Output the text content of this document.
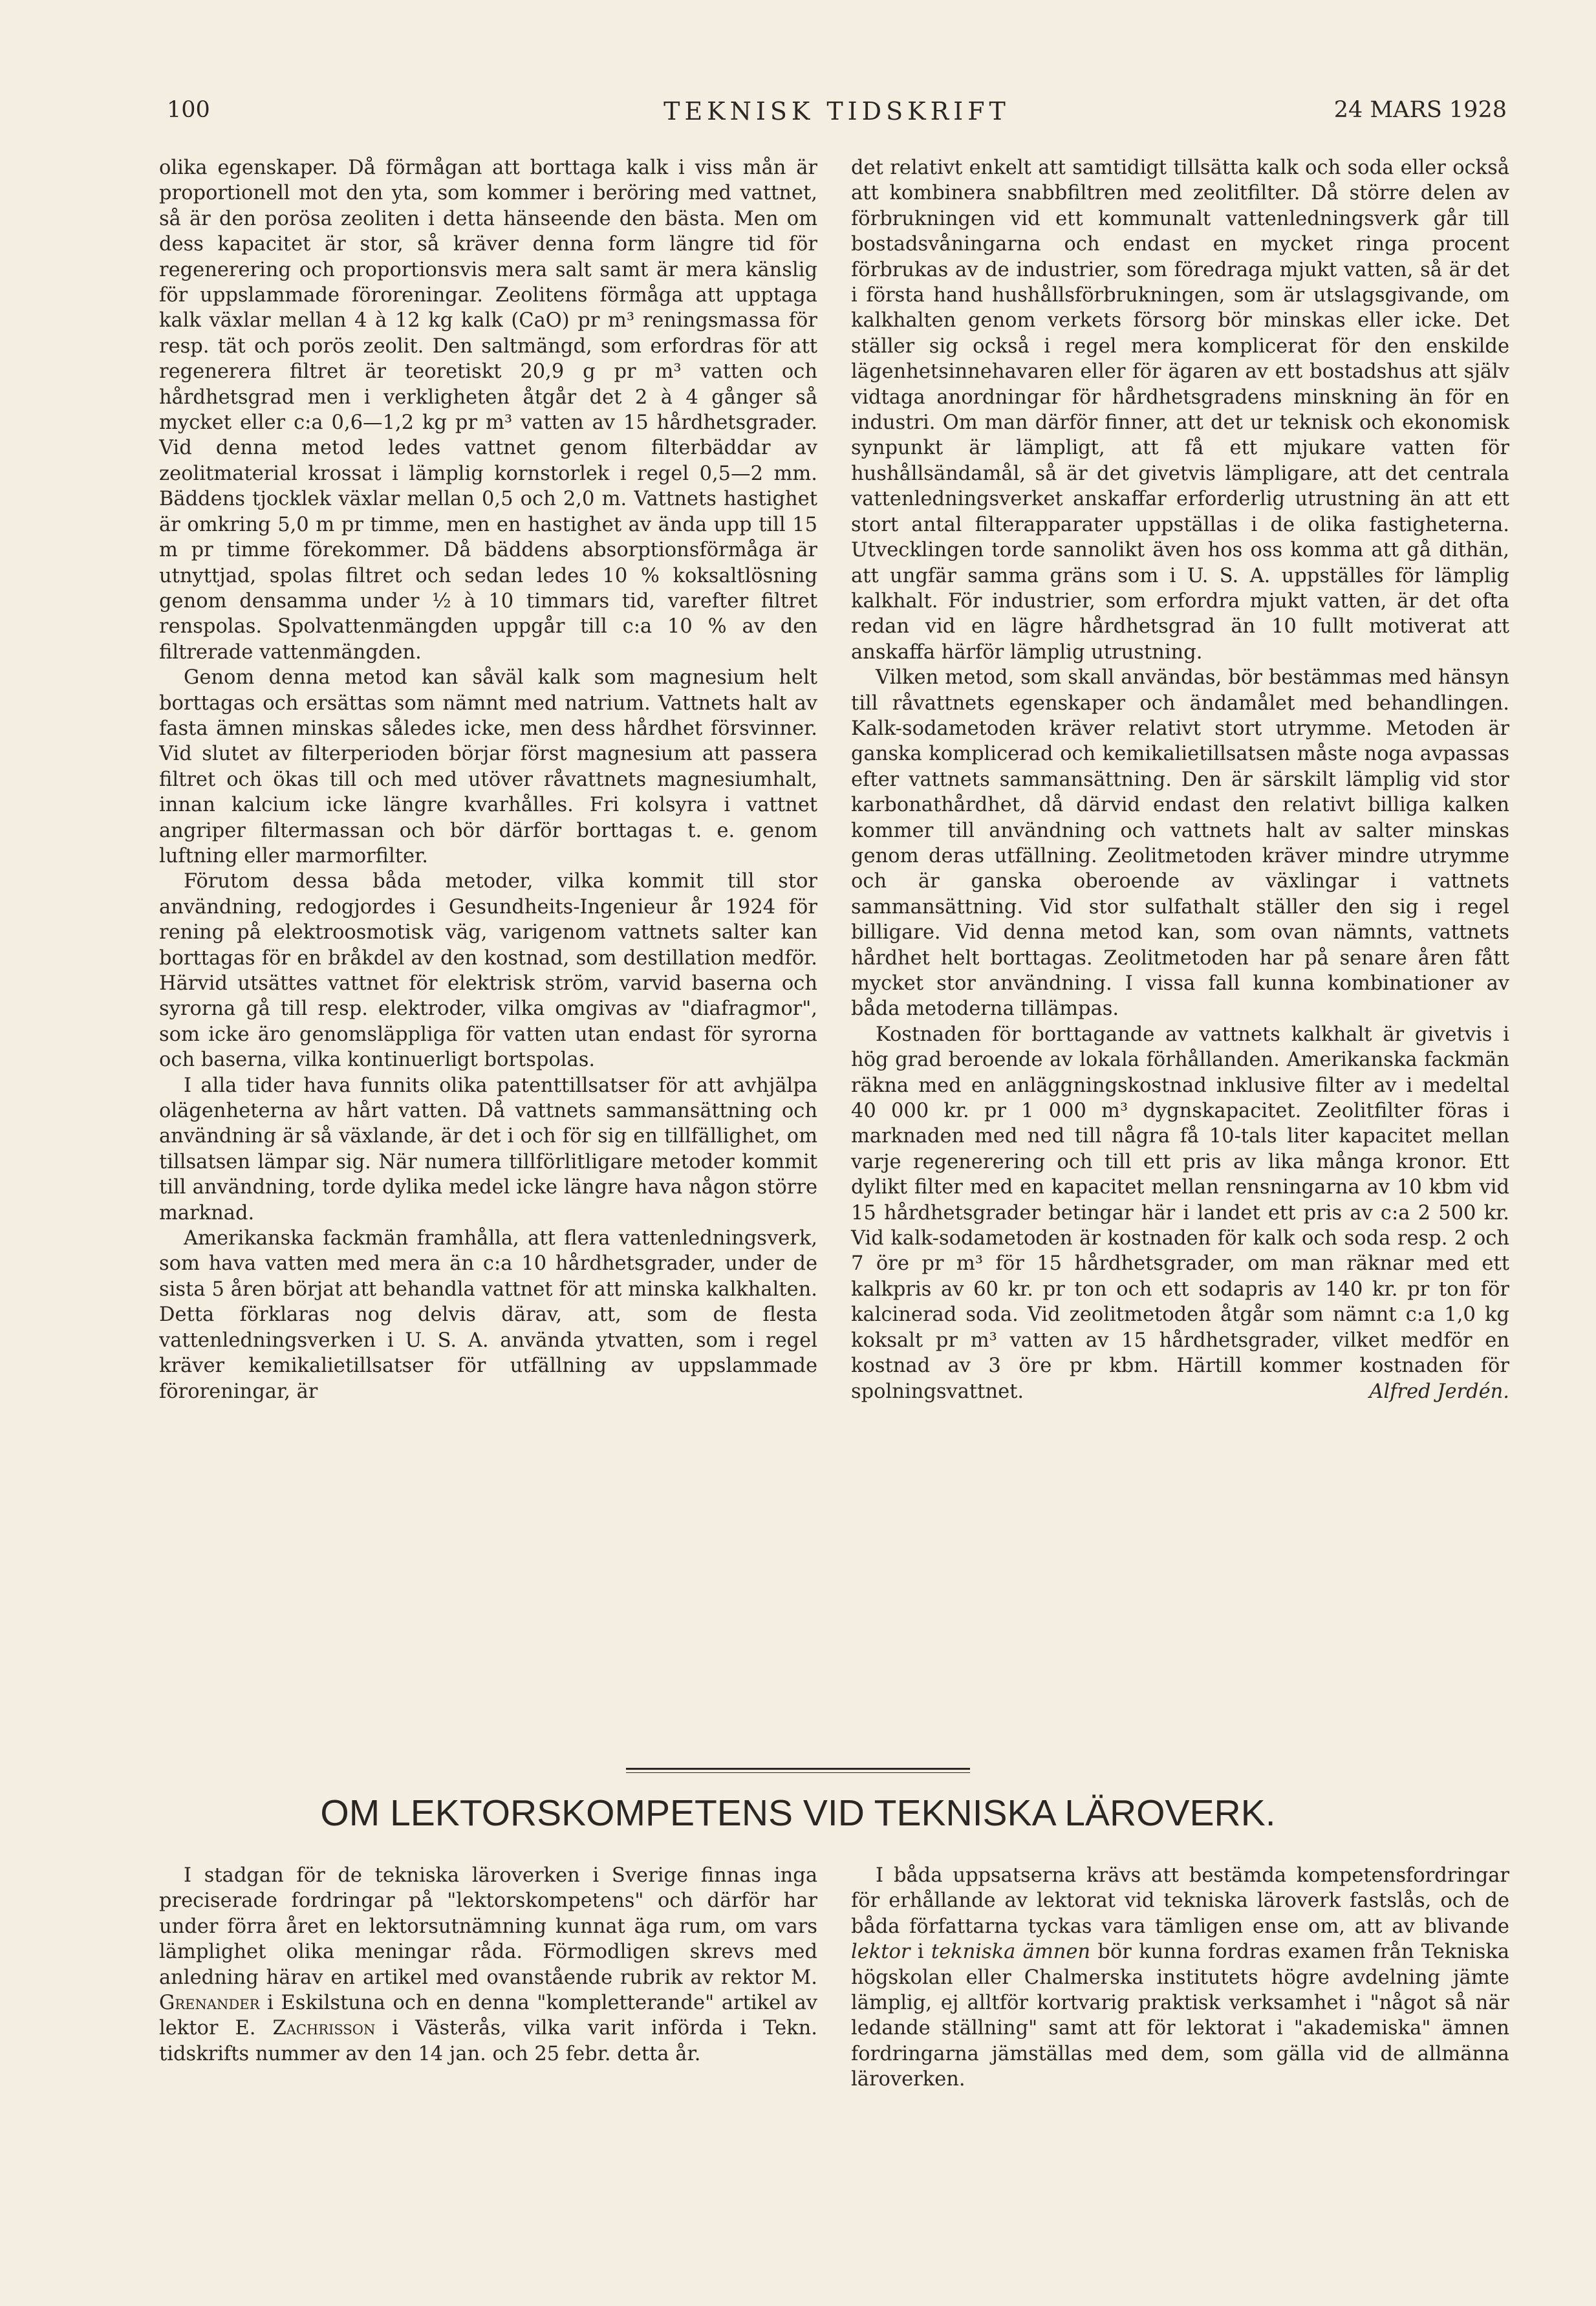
100	TEKNISK TIDSKRIFT	24 MARS 1928

olika egenskaper. Då förmågan att borttaga kalk i viss mån är proportionell mot den yta, som kommer i beröring med vattnet, så är den porösa zeoliten i detta hänseende den bästa. Men om dess kapacitet är stor, så kräver denna form längre tid för regenerering och proportionsvis mera salt samt är mera känslig för uppslammade föroreningar. Zeolitens förmåga att upptaga kalk växlar mellan 4 à 12 kg kalk (CaO) pr m³ reningsmassa för resp. tät och porös zeolit. Den saltmängd, som erfordras för att regenerera filtret är teoretiskt 20,9 g pr m³ vatten och hårdhetsgrad men i verkligheten åtgår det 2 à 4 gånger så mycket eller c:a 0,6—1,2 kg pr m³ vatten av 15 hårdhetsgrader. Vid denna metod ledes vattnet genom filterbäddar av zeolitmaterial krossat i lämplig kornstorlek i regel 0,5—2 mm. Bäddens tjocklek växlar mellan 0,5 och 2,0 m. Vattnets hastighet är omkring 5,0 m pr timme, men en hastighet av ända upp till 15 m pr timme förekommer. Då bäddens absorptionsförmåga är utnyttjad, spolas filtret och sedan ledes 10 % koksaltlösning genom densamma under ½ à 10 timmars tid, varefter filtret renspolas. Spolvattenmängden uppgår till c:a 10 % av den filtrerade vattenmängden.

Genom denna metod kan såväl kalk som magnesium helt borttagas och ersättas som nämnt med natrium. Vattnets halt av fasta ämnen minskas således icke, men dess hårdhet försvinner. Vid slutet av filterperioden börjar först magnesium att passera filtret och ökas till och med utöver råvattnets magnesiumhalt, innan kalcium icke längre kvarhålles. Fri kolsyra i vattnet angriper filtermassan och bör därför borttagas t. e. genom luftning eller marmorfilter.

Förutom dessa båda metoder, vilka kommit till stor användning, redogjordes i Gesundheits-Ingenieur år 1924 för rening på elektroosmotisk väg, varigenom vattnets salter kan borttagas för en bråkdel av den kostnad, som destillation medför. Härvid utsättes vattnet för elektrisk ström, varvid baserna och syrorna gå till resp. elektroder, vilka omgivas av "diafragmor", som icke äro genomsläppliga för vatten utan endast för syrorna och baserna, vilka kontinuerligt bortspolas.

I alla tider hava funnits olika patenttillsatser för att avhjälpa olägenheterna av hårt vatten. Då vattnets sammansättning och användning är så växlande, är det i och för sig en tillfällighet, om tillsatsen lämpar sig. När numera tillförlitligare metoder kommit till användning, torde dylika medel icke längre hava någon större marknad.

Amerikanska fackmän framhålla, att flera vattenledningsverk, som hava vatten med mera än c:a 10 hårdhetsgrader, under de sista 5 åren börjat att behandla vattnet för att minska kalkhalten. Detta förklaras nog delvis därav, att, som de flesta vattenledningsverken i U. S. A. använda ytvatten, som i regel kräver kemikalietillsatser för utfällning av uppslammade föroreningar, är

det relativt enkelt att samtidigt tillsätta kalk och soda eller också att kombinera snabbfiltren med zeolitfilter. Då större delen av förbrukningen vid ett kommunalt vattenledningsverk går till bostadsvåningarna och endast en mycket ringa procent förbrukas av de industrier, som föredraga mjukt vatten, så är det i första hand hushållsförbrukningen, som är utslagsgivande, om kalkhalten genom verkets försorg bör minskas eller icke. Det ställer sig också i regel mera komplicerat för den enskilde lägenhetsinnehavaren eller för ägaren av ett bostadshus att själv vidtaga anordningar för hårdhetsgradens minskning än för en industri. Om man därför finner, att det ur teknisk och ekonomisk synpunkt är lämpligt, att få ett mjukare vatten för hushållsändamål, så är det givetvis lämpligare, att det centrala vattenledningsverket anskaffar erforderlig utrustning än att ett stort antal filterapparater uppställas i de olika fastigheterna. Utvecklingen torde sannolikt även hos oss komma att gå dithän, att ungfär samma gräns som i U. S. A. uppställes för lämplig kalkhalt. För industrier, som erfordra mjukt vatten, är det ofta redan vid en lägre hårdhetsgrad än 10 fullt motiverat att anskaffa härför lämplig utrustning.

Vilken metod, som skall användas, bör bestämmas med hänsyn till råvattnets egenskaper och ändamålet med behandlingen. Kalk-sodametoden kräver relativt stort utrymme. Metoden är ganska komplicerad och kemikalietillsatsen måste noga avpassas efter vattnets sammansättning. Den är särskilt lämplig vid stor karbonathårdhet, då därvid endast den relativt billiga kalken kommer till användning och vattnets halt av salter minskas genom deras utfällning. Zeolitmetoden kräver mindre utrymme och är ganska oberoende av växlingar i vattnets sammansättning. Vid stor sulfathalt ställer den sig i regel billigare. Vid denna metod kan, som ovan nämnts, vattnets hårdhet helt borttagas. Zeolitmetoden har på senare åren fått mycket stor användning. I vissa fall kunna kombinationer av båda metoderna tillämpas.

Kostnaden för borttagande av vattnets kalkhalt är givetvis i hög grad beroende av lokala förhållanden. Amerikanska fackmän räkna med en anläggningskostnad inklusive filter av i medeltal 40 000 kr. pr 1 000 m³ dygnskapacitet. Zeolitfilter föras i marknaden med ned till några få 10-tals liter kapacitet mellan varje regenerering och till ett pris av lika många kronor. Ett dylikt filter med en kapacitet mellan rensningarna av 10 kbm vid 15 hårdhetsgrader betingar här i landet ett pris av c:a 2 500 kr. Vid kalk-sodametoden är kostnaden för kalk och soda resp. 2 och 7 öre pr m³ för 15 hårdhetsgrader, om man räknar med ett kalkpris av 60 kr. pr ton och ett sodapris av 140 kr. pr ton för kalcinerad soda. Vid zeolitmetoden åtgår som nämnt c:a 1,0 kg koksalt pr m³ vatten av 15 hårdhetsgrader, vilket medför en kostnad av 3 öre pr kbm. Härtill kommer kostnaden för spolningsvattnet.	Alfred Jerdén.
OM LEKTORSKOMPETENS VID TEKNISKA LÄROVERK.

I stadgan för de tekniska läroverken i Sverige finnas inga preciserade fordringar på "lektorskompetens" och därför har under förra året en lektorsutnämning kunnat äga rum, om vars lämplighet olika meningar råda. Förmodligen skrevs med anledning härav en artikel med ovanstående rubrik av rektor M. Grenander i Eskilstuna och en denna "kompletterande" artikel av lektor E. Zachrisson i Västerås, vilka varit införda i Tekn. tidskrifts nummer av den 14 jan. och 25 febr. detta år.

I båda uppsatserna krävs att bestämda kompetensfordringar för erhållande av lektorat vid tekniska läroverk fastslås, och de båda författarna tyckas vara tämligen ense om, att av blivande lektor i tekniska ämnen bör kunna fordras examen från Tekniska högskolan eller Chalmerska institutets högre avdelning jämte lämplig, ej alltför kortvarig praktisk verksamhet i "något så när ledande ställning" samt att för lektorat i "akademiska" ämnen fordringarna jämställas med dem, som gälla vid de allmänna läroverken.
